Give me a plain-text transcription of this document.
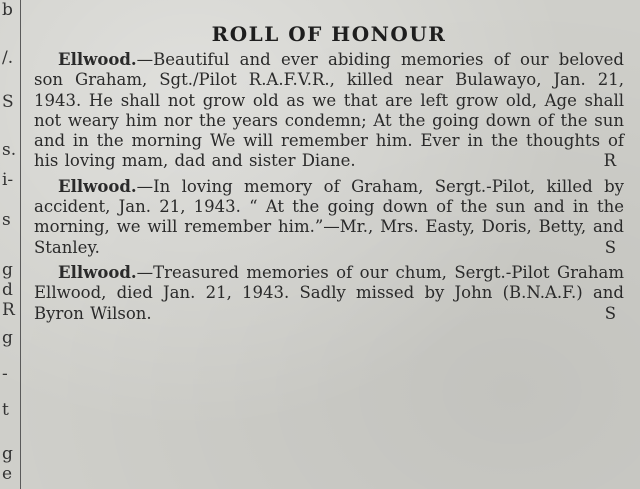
b
/.
S
s.
i-
s
g
d
R
g
-
t
g
e
ROLL OF HONOUR

Ellwood.—Beautiful and ever abiding memories of our beloved son Graham, Sgt./Pilot R.A.F.V.R., killed near Bulawayo, Jan. 21, 1943. He shall not grow old as we that are left grow old, Age shall not weary him nor the years condemn; At the going down of the sun and in the morning We will remember him. Ever in the thoughts of his loving mam, dad and sister Diane.	R

Ellwood.—In loving memory of Graham, Sergt.-Pilot, killed by accident, Jan. 21, 1943. “ At the going down of the sun and in the morning, we will remember him.”—Mr., Mrs. Easty, Doris, Betty, and Stanley.	S

Ellwood.—Treasured memories of our chum, Sergt.-Pilot Graham Ellwood, died Jan. 21, 1943. Sadly missed by John (B.N.A.F.) and Byron Wilson.	S
